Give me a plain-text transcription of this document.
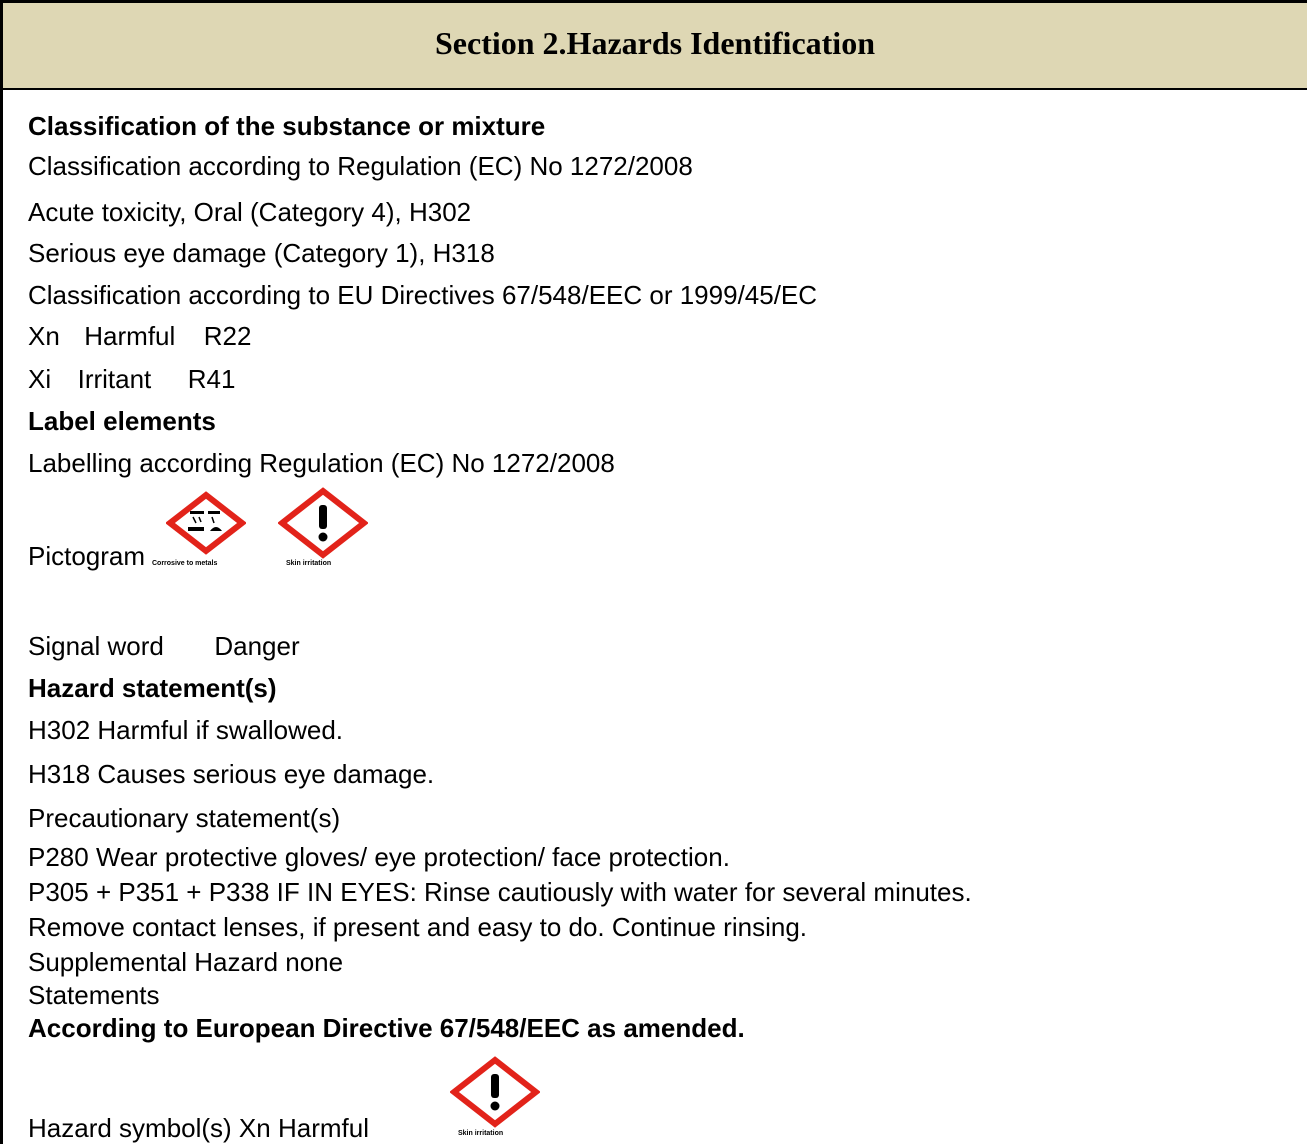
Section 2.Hazards Identification
Classification of the substance or mixture
Classification according to Regulation (EC) No 1272/2008
Acute toxicity, Oral (Category 4), H302
Serious eye damage (Category 1), H318
Classification according to EU Directives 67/548/EEC or 1999/45/EC
Xn Harmful R22
Xi Irritant R41
Label elements
Labelling according Regulation (EC) No 1272/2008
Pictogram Corrosive to metals	Skin irritation
Signal word Danger
Hazard statement(s)
H302 Harmful if swallowed.
H318 Causes serious eye damage.
Precautionary statement(s)
P280 Wear protective gloves/ eye protection/ face protection.
P305 + P351 + P338 IF IN EYES: Rinse cautiously with water for several minutes.
Remove contact lenses, if present and easy to do. Continue rinsing.
Supplemental Hazard none
Statements
According to European Directive 67/548/EEC as amended.
Hazard symbol(s) Xn Harmful	Skin irritation
